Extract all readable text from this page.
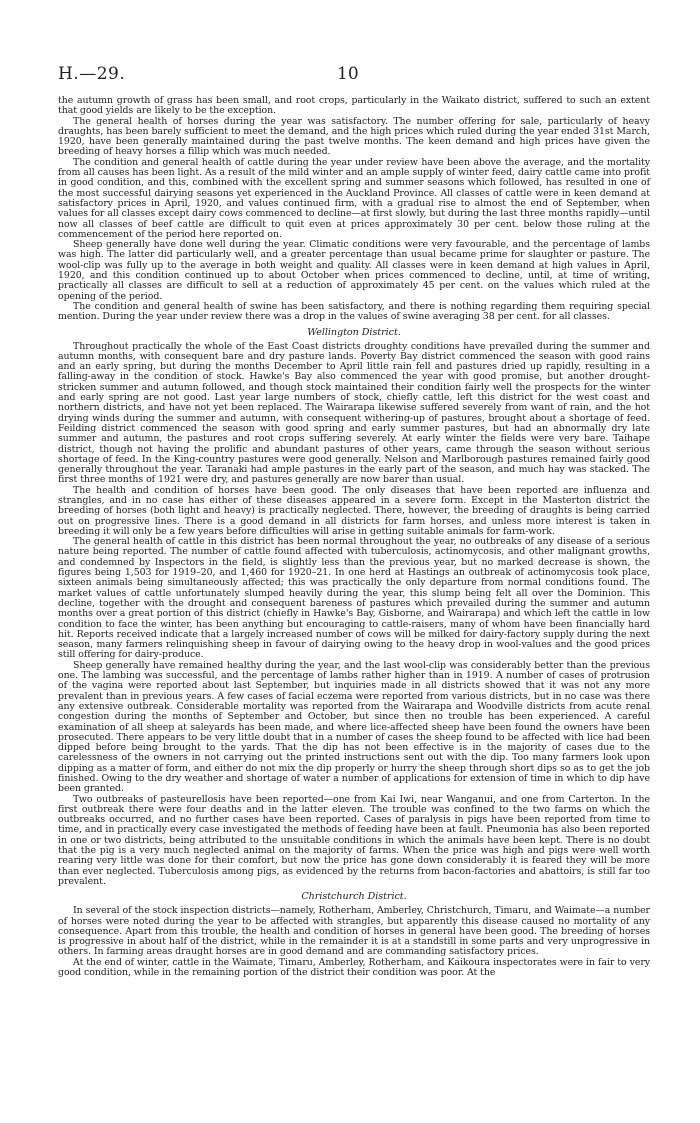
H.—29.	10

the autumn growth of grass has been small, and root crops, particularly in the Waikato district, suffered to such an extent that good yields are likely to be the exception.

The general health of horses during the year was satisfactory. The number offering for sale, particularly of heavy draughts, has been barely sufficient to meet the demand, and the high prices which ruled during the year ended 31st March, 1920, have been generally maintained during the past twelve months. The keen demand and high prices have given the breeding of heavy horses a fillip which was much needed.

The condition and general health of cattle during the year under review have been above the average, and the mortality from all causes has been light. As a result of the mild winter and an ample supply of winter feed, dairy cattle came into profit in good condition, and this, combined with the excellent spring and summer seasons which followed, has resulted in one of the most successful dairying seasons yet experienced in the Auckland Province. All classes of cattle were in keen demand at satisfactory prices in April, 1920, and values continued firm, with a gradual rise to almost the end of September, when values for all classes except dairy cows commenced to decline—at first slowly, but during the last three months rapidly—until now all classes of beef cattle are difficult to quit even at prices approximately 30 per cent. below those ruling at the commencement of the period here reported on.

Sheep generally have done well during the year. Climatic conditions were very favourable, and the percentage of lambs was high. The latter did particularly well, and a greater percentage than usual became prime for slaughter or pasture. The wool-clip was fully up to the average in both weight and quality. All classes were in keen demand at high values in April, 1920, and this condition continued up to about October when prices commenced to decline, until, at time of writing, practically all classes are difficult to sell at a reduction of approximately 45 per cent. on the values which ruled at the opening of the period.

The condition and general health of swine has been satisfactory, and there is nothing regarding them requiring special mention. During the year under review there was a drop in the values of swine averaging 38 per cent. for all classes.

Wellington District.

Throughout practically the whole of the East Coast districts droughty conditions have prevailed during the summer and autumn months, with consequent bare and dry pasture lands. Poverty Bay district commenced the season with good rains and an early spring, but during the months December to April little rain fell and pastures dried up rapidly, resulting in a falling-away in the condition of stock. Hawke's Bay also commenced the year with good promise, but another drought-stricken summer and autumn followed, and though stock maintained their condition fairly well the prospects for the winter and early spring are not good. Last year large numbers of stock, chiefly cattle, left this district for the west coast and northern districts, and have not yet been replaced. The Wairarapa likewise suffered severely from want of rain, and the hot drying winds during the summer and autumn, with consequent withering-up of pastures, brought about a shortage of feed. Feilding district commenced the season with good spring and early summer pastures, but had an abnormally dry late summer and autumn, the pastures and root crops suffering severely. At early winter the fields were very bare. Taihape district, though not having the prolific and abundant pastures of other years, came through the season without serious shortage of feed. In the King-country pastures were good generally. Nelson and Marlborough pastures remained fairly good generally throughout the year. Taranaki had ample pastures in the early part of the season, and much hay was stacked. The first three months of 1921 were dry, and pastures generally are now barer than usual.

The health and condition of horses have been good. The only diseases that have been reported are influenza and strangles, and in no case has either of these diseases appeared in a severe form. Except in the Masterton district the breeding of horses (both light and heavy) is practically neglected. There, however, the breeding of draughts is being carried out on progressive lines. There is a good demand in all districts for farm horses, and unless more interest is taken in breeding it will only be a few years before difficulties will arise in getting suitable animals for farm-work.

The general health of cattle in this district has been normal throughout the year, no outbreaks of any disease of a serious nature being reported. The number of cattle found affected with tuberculosis, actinomycosis, and other malignant growths, and condemned by Inspectors in the field, is slightly less than the previous year, but no marked decrease is shown, the figures being 1,503 for 1919–20, and 1,460 for 1920–21. In one herd at Hastings an outbreak of actinomycosis took place, sixteen animals being simultaneously affected; this was practically the only departure from normal conditions found. The market values of cattle unfortunately slumped heavily during the year, this slump being felt all over the Dominion. This decline, together with the drought and consequent bareness of pastures which prevailed during the summer and autumn months over a great portion of this district (chiefly in Hawke's Bay, Gisborne, and Wairarapa) and which left the cattle in low condition to face the winter, has been anything but encouraging to cattle-raisers, many of whom have been financially hard hit. Reports received indicate that a largely increased number of cows will be milked for dairy-factory supply during the next season, many farmers relinquishing sheep in favour of dairying owing to the heavy drop in wool-values and the good prices still offering for dairy-produce.

Sheep generally have remained healthy during the year, and the last wool-clip was considerably better than the previous one. The lambing was successful, and the percentage of lambs rather higher than in 1919. A number of cases of protrusion of the vagina were reported about last September, but inquiries made in all districts showed that it was not any more prevalent than in previous years. A few cases of facial eczema were reported from various districts, but in no case was there any extensive outbreak. Considerable mortality was reported from the Wairarapa and Woodville districts from acute renal congestion during the months of September and October, but since then no trouble has been experienced. A careful examination of all sheep at saleyards has been made, and where lice-affected sheep have been found the owners have been prosecuted. There appears to be very little doubt that in a number of cases the sheep found to be affected with lice had been dipped before being brought to the yards. That the dip has not been effective is in the majority of cases due to the carelessness of the owners in not carrying out the printed instructions sent out with the dip. Too many farmers look upon dipping as a matter of form, and either do not mix the dip properly or hurry the sheep through short dips so as to get the job finished. Owing to the dry weather and shortage of water a number of applications for extension of time in which to dip have been granted.

Two outbreaks of pasteurellosis have been reported—one from Kai Iwi, near Wanganui, and one from Carterton. In the first outbreak there were four deaths and in the latter eleven. The trouble was confined to the two farms on which the outbreaks occurred, and no further cases have been reported. Cases of paralysis in pigs have been reported from time to time, and in practically every case investigated the methods of feeding have been at fault. Pneumonia has also been reported in one or two districts, being attributed to the unsuitable conditions in which the animals have been kept. There is no doubt that the pig is a very much neglected animal on the majority of farms. When the price was high and pigs were well worth rearing very little was done for their comfort, but now the price has gone down considerably it is feared they will be more than ever neglected. Tuberculosis among pigs, as evidenced by the returns from bacon-factories and abattoirs, is still far too prevalent.

Christchurch District.

In several of the stock inspection districts—namely, Rotherham, Amberley, Christchurch, Timaru, and Waimate—a number of horses were noted during the year to be affected with strangles, but apparently this disease caused no mortality of any consequence. Apart from this trouble, the health and condition of horses in general have been good. The breeding of horses is progressive in about half of the district, while in the remainder it is at a standstill in some parts and very unprogressive in others. In farming areas draught horses are in good demand and are commanding satisfactory prices.

At the end of winter, cattle in the Waimate, Timaru, Amberley, Rotherham, and Kaikoura inspectorates were in fair to very good condition, while in the remaining portion of the district their condition was poor. At the
